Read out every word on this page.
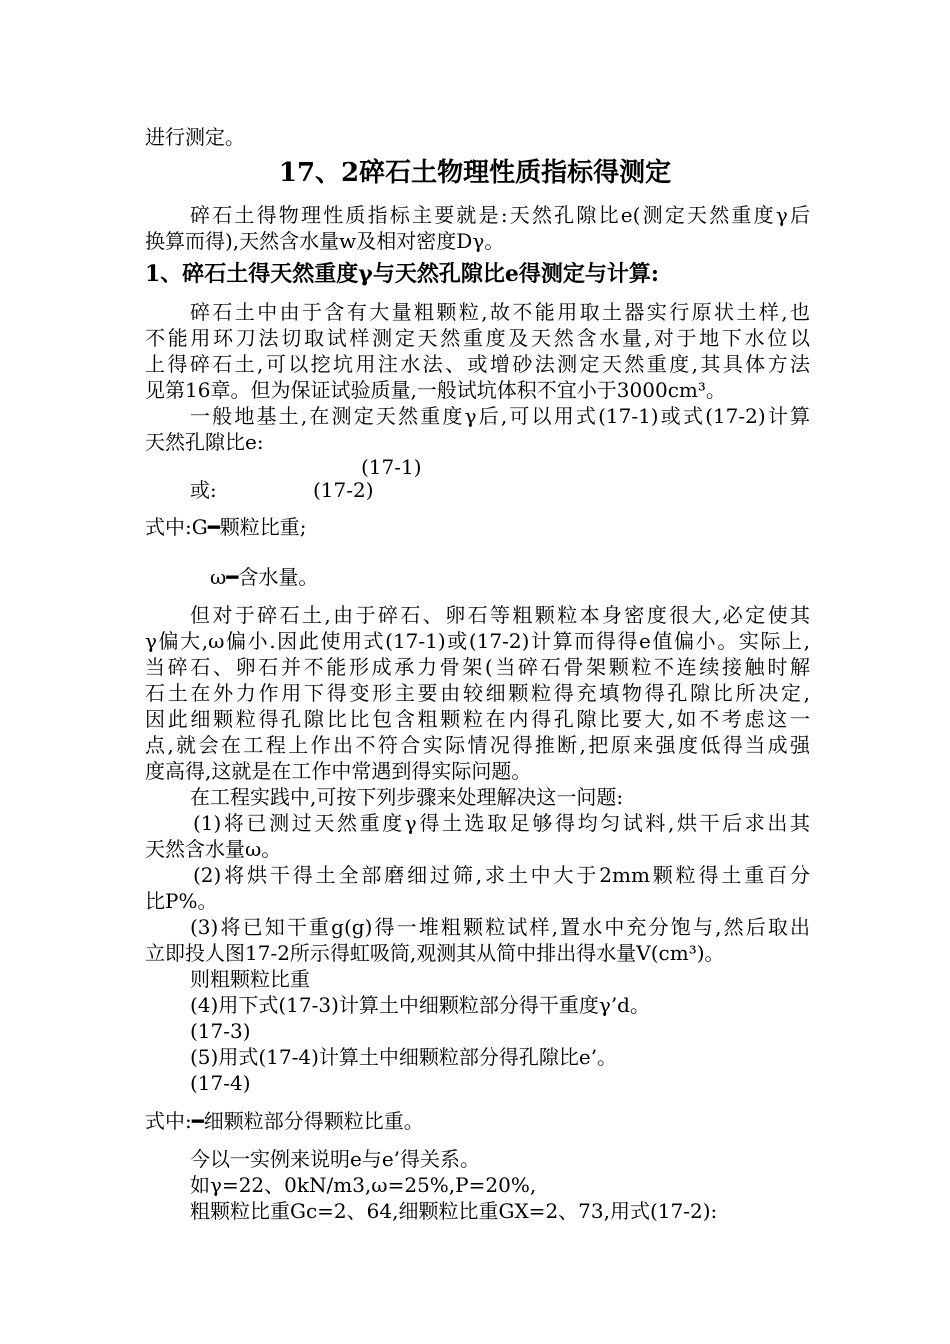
进行测定。
17、2碎石土物理性质指标得测定
碎石土得物理性质指标主要就是:天然孔隙比e(测定天然重度γ后
换算而得),天然含水量w及相对密度Dγ。
1、碎石土得天然重度γ与天然孔隙比e得测定与计算:
碎石土中由于含有大量粗颗粒,故不能用取土器实行原状土样,也
不能用环刀法切取试样测定天然重度及天然含水量,对于地下水位以
上得碎石土,可以挖坑用注水法、或增砂法测定天然重度,其具体方法
见第16章。但为保证试验质量,一般试坑体积不宜小于3000cm³。
一般地基土,在测定天然重度γ后,可以用式(17-1)或式(17-2)计算
天然孔隙比e:
(17-1)
或:	(17-2)
式中:G━颗粒比重;
ω━含水量。
但对于碎石土,由于碎石、卵石等粗颗粒本身密度很大,必定使其
γ偏大,ω偏小.因此使用式(17-1)或(17-2)计算而得得e值偏小。实际上,
当碎石、卵石并不能形成承力骨架(当碎石骨架颗粒不连续接触时解
石土在外力作用下得变形主要由较细颗粒得充填物得孔隙比所决定,
因此细颗粒得孔隙比比包含粗颗粒在内得孔隙比要大,如不考虑这一
点,就会在工程上作出不符合实际情况得推断,把原来强度低得当成强
度高得,这就是在工作中常遇到得实际问题。
在工程实践中,可按下列步骤来处理解决这一问题:
(1)将已测过天然重度γ得土选取足够得均匀试料,烘干后求出其
天然含水量ω。
(2)将烘干得土全部磨细过筛,求土中大于2mm颗粒得土重百分
比P%。
(3)将已知干重g(g)得一堆粗颗粒试样,置水中充分饱与,然后取出
立即投人图17-2所示得虹吸筒,观测其从简中排出得水量V(cm³)。
则粗颗粒比重
(4)用下式(17-3)计算土中细颗粒部分得干重度γ’d。
(17-3)
(5)用式(17-4)计算土中细颗粒部分得孔隙比e’。
(17-4)
式中:━细颗粒部分得颗粒比重。
今以一实例来说明e与e’得关系。
如γ=22、0kN/m3,ω=25%,P=20%,
粗颗粒比重Gc=2、64,细颗粒比重GX=2、73,用式(17-2):
